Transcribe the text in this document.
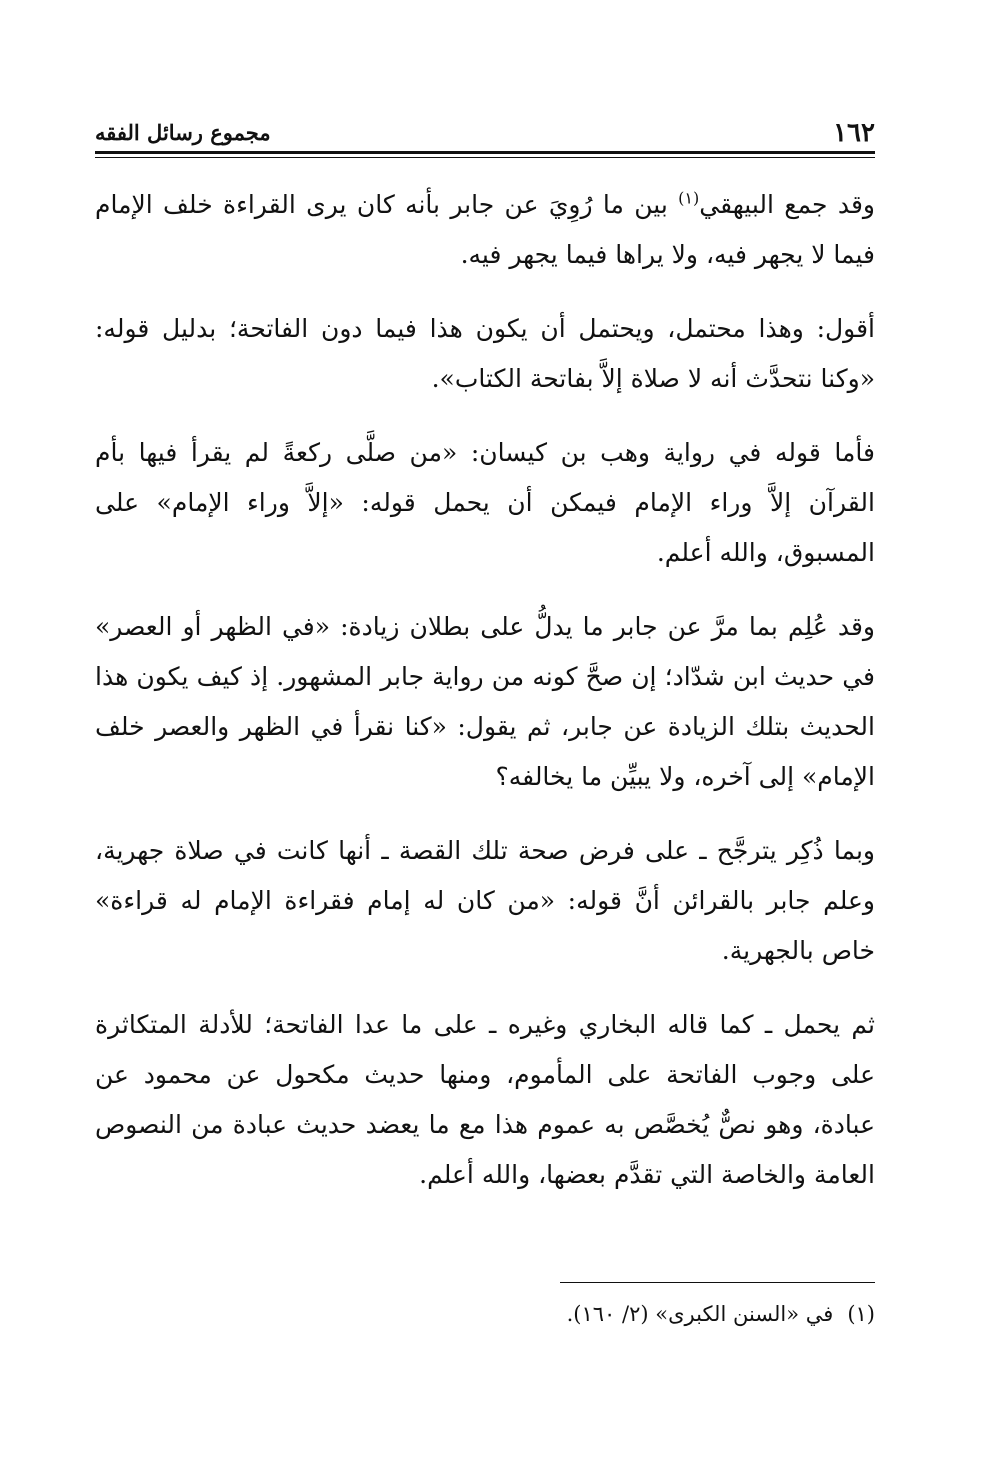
١٦٢
مجموع رسائل الفقه

وقد جمع البيهقي$^{(١)}$ بين ما رُوِيَ عن جابر بأنه كان يرى القراءة خلف الإمام فيما لا يجهر فيه، ولا يراها فيما يجهر فيه.

أقول: وهذا محتمل، ويحتمل أن يكون هذا فيما دون الفاتحة؛ بدليل قوله: «وكنا نتحدَّث أنه لا صلاة إلاَّ بفاتحة الكتاب».

فأما قوله في رواية وهب بن كيسان: «من صلَّى ركعةً لم يقرأ فيها بأم القرآن إلاَّ وراء الإمام فيمكن أن يحمل قوله: «إلاَّ وراء الإمام» على المسبوق، والله أعلم.

وقد عُلِم بما مرَّ عن جابر ما يدلُّ على بطلان زيادة: «في الظهر أو العصر» في حديث ابن شدّاد؛ إن صحَّ كونه من رواية جابر المشهور. إذ كيف يكون هذا الحديث بتلك الزيادة عن جابر، ثم يقول: «كنا نقرأ في الظهر والعصر خلف الإمام» إلى آخره، ولا يبيِّن ما يخالفه؟

وبما ذُكِر يترجَّح ـ على فرض صحة تلك القصة ـ أنها كانت في صلاة جهرية، وعلم جابر بالقرائن أنَّ قوله: «من كان له إمام فقراءة الإمام له قراءة» خاص بالجهرية.

ثم يحمل ـ كما قاله البخاري وغيره ـ على ما عدا الفاتحة؛ للأدلة المتكاثرة على وجوب الفاتحة على المأموم، ومنها حديث مكحول عن محمود عن عبادة، وهو نصٌّ يُخصَّص به عموم هذا مع ما يعضد حديث عبادة من النصوص العامة والخاصة التي تقدَّم بعضها، والله أعلم.

(١)في «السنن الكبرى» (٢/ ١٦٠).
